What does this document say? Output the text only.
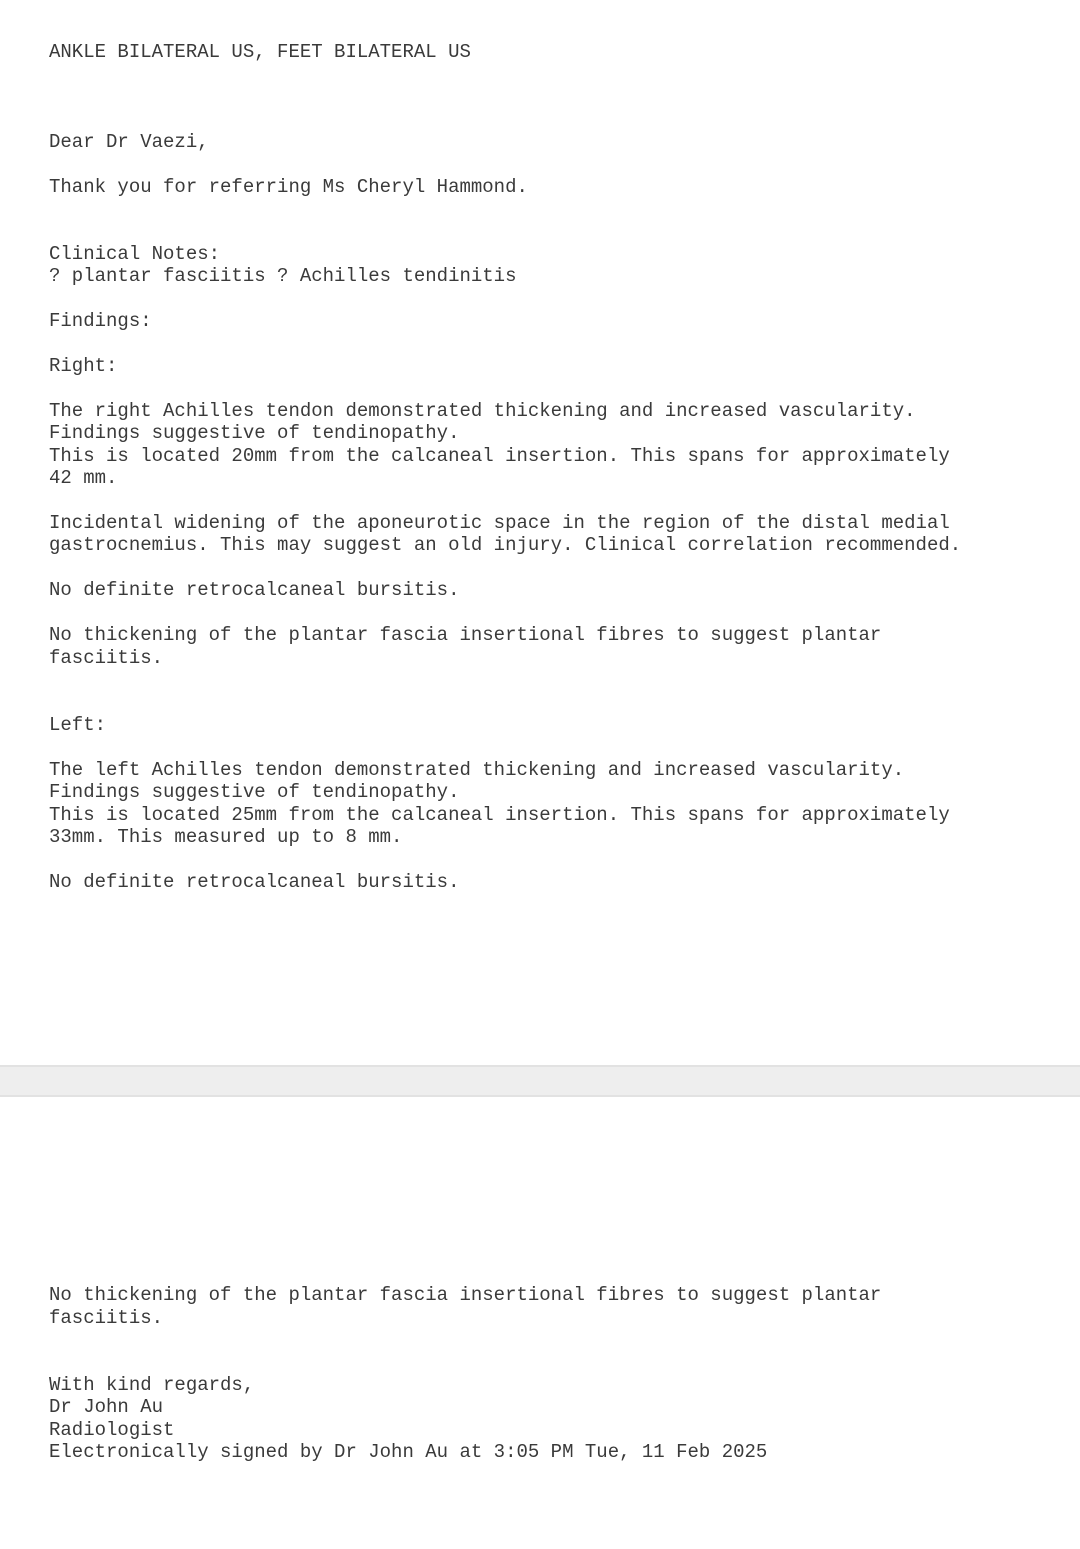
ANKLE BILATERAL US, FEET BILATERAL US

Dear Dr Vaezi,

Thank you for referring Ms Cheryl Hammond.

Clinical Notes:

? plantar fasciitis ? Achilles tendinitis

Findings:

Right:

The right Achilles tendon demonstrated thickening and increased vascularity.

Findings suggestive of tendinopathy.

This is located 20mm from the calcaneal insertion. This spans for approximately

42 mm.

Incidental widening of the aponeurotic space in the region of the distal medial

gastrocnemius. This may suggest an old injury. Clinical correlation recommended.

No definite retrocalcaneal bursitis.

No thickening of the plantar fascia insertional fibres to suggest plantar

fasciitis.

Left:

The left Achilles tendon demonstrated thickening and increased vascularity.

Findings suggestive of tendinopathy.

This is located 25mm from the calcaneal insertion. This spans for approximately

33mm. This measured up to 8 mm.

No definite retrocalcaneal bursitis.

No thickening of the plantar fascia insertional fibres to suggest plantar

fasciitis.

With kind regards,

Dr John Au

Radiologist

Electronically signed by Dr John Au at 3:05 PM Tue, 11 Feb 2025
